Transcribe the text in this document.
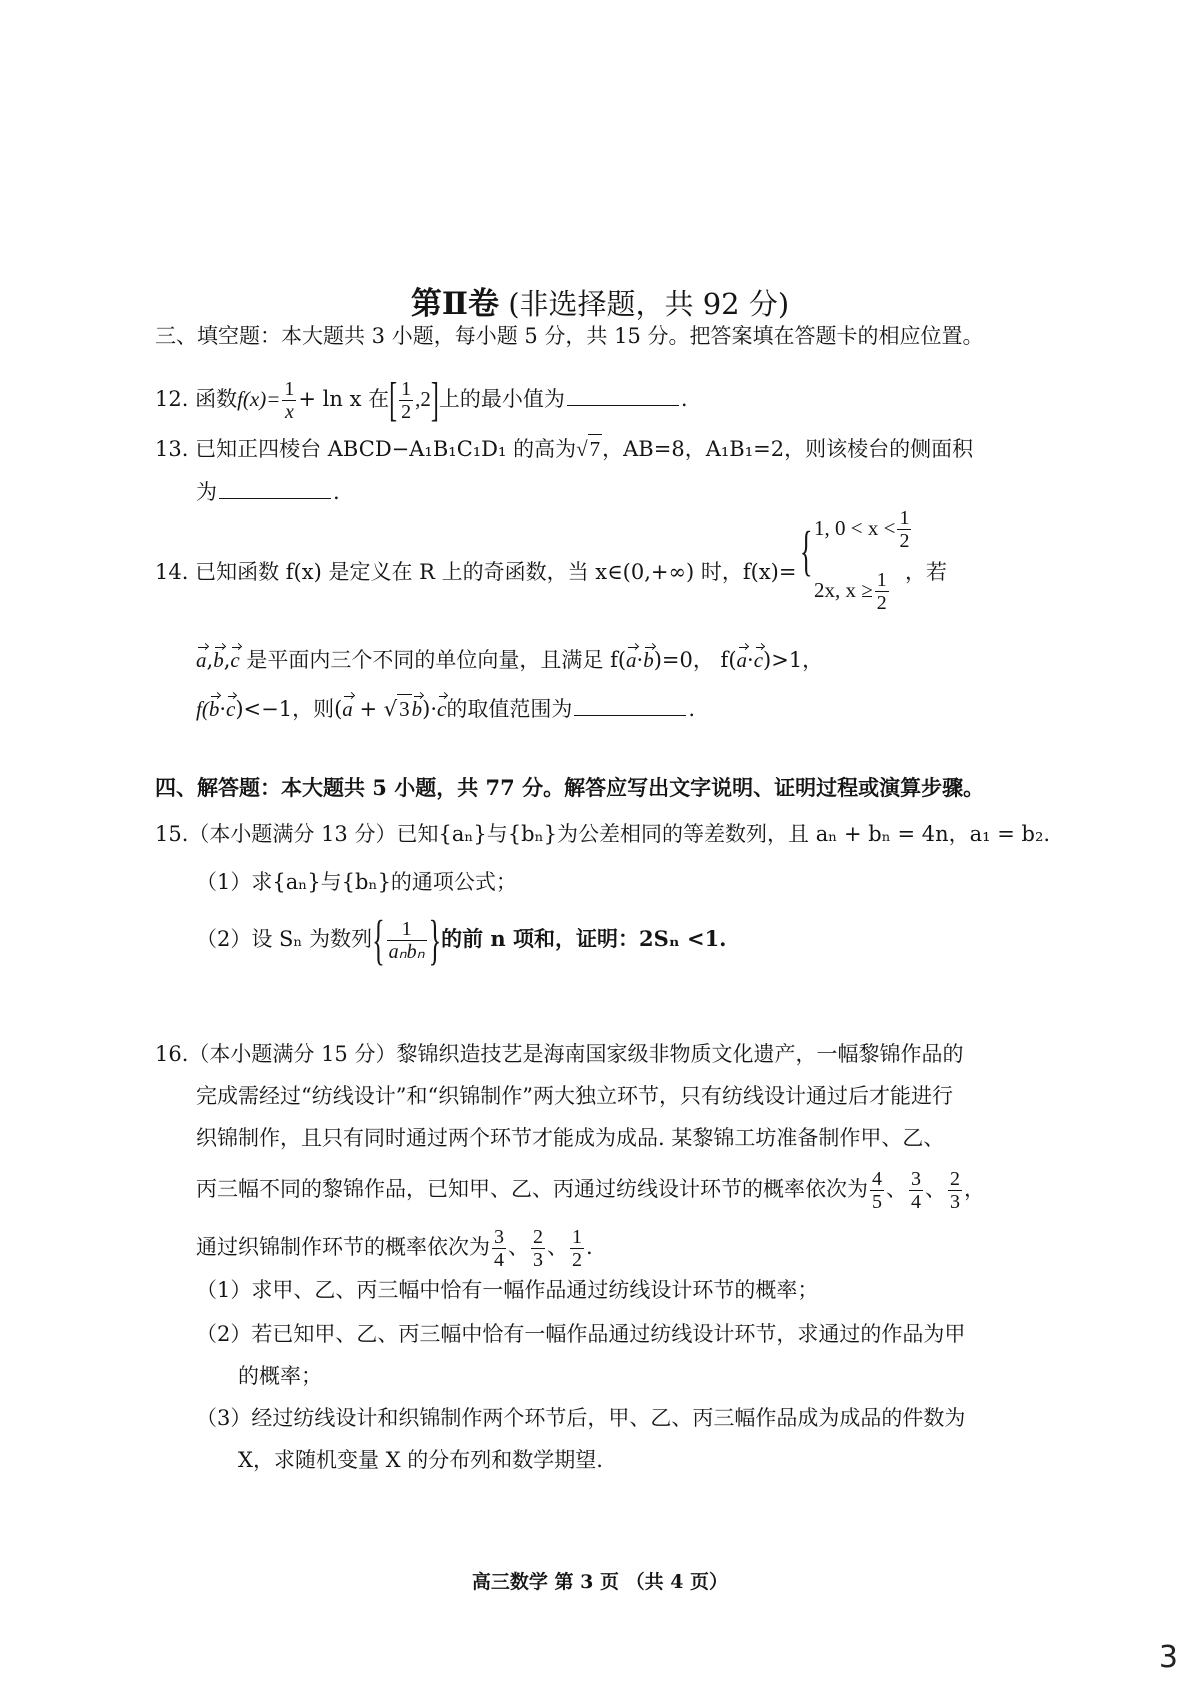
第Ⅱ卷 (非选择题，共 92 分)
三、填空题：本大题共 3 小题，每小题 5 分，共 15 分。把答案填在答题卡的相应位置。
12. 函数$f(x)= \frac{1}{x} + \ln x$ 在[ $\frac{1}{2} ,2$]上的最小值为	.
13. 已知正四棱台 ABCD−A₁B₁C₁D₁ 的高为√7，AB=8，A₁B₁=2，则该棱台的侧面积
为	.
14. 已知函数 f(x) 是定义在 R 上的奇函数，当 x∈(0,+∞) 时，f(x)= { 1, $0 < x < \frac{1}{2}$
2x, $x \ge \frac{1}{2}$ ，若
a,b,c 是平面内三个不同的单位向量，且满足 f(a·b)=0， f(a·c)>1，
f(b·c)<−1，则(a + √3b)·c的取值范围为	.
四、解答题：本大题共 5 小题，共 77 分。解答应写出文字说明、证明过程或演算步骤。
15.（本小题满分 13 分）已知{aₙ}与{bₙ}为公差相同的等差数列，且 aₙ + bₙ = 4n，a₁ = b₂.
（1）求{aₙ}与{bₙ}的通项公式；
（2）设 Sₙ 为数列{ $\frac{1}{\text{aₙbₙ}}$ }的前 n 项和，证明：2Sₙ <1.
16.（本小题满分 15 分）黎锦织造技艺是海南国家级非物质文化遗产，一幅黎锦作品的
完成需经过“纺线设计”和“织锦制作”两大独立环节，只有纺线设计通过后才能进行
织锦制作，且只有同时通过两个环节才能成为成品. 某黎锦工坊准备制作甲、乙、
丙三幅不同的黎锦作品，已知甲、乙、丙通过纺线设计环节的概率依次为 $\frac{4}{5}$ 、 $\frac{3}{4}$ 、 $\frac{2}{3}$ ，
通过织锦制作环节的概率依次为 $\frac{3}{4}$ 、 $\frac{2}{3}$ 、 $\frac{1}{2}$ .
（1）求甲、乙、丙三幅中恰有一幅作品通过纺线设计环节的概率；
（2）若已知甲、乙、丙三幅中恰有一幅作品通过纺线设计环节，求通过的作品为甲
的概率；
（3）经过纺线设计和织锦制作两个环节后，甲、乙、丙三幅作品成为成品的件数为
X，求随机变量 X 的分布列和数学期望.
高三数学 第 3 页 （共 4 页）
3
